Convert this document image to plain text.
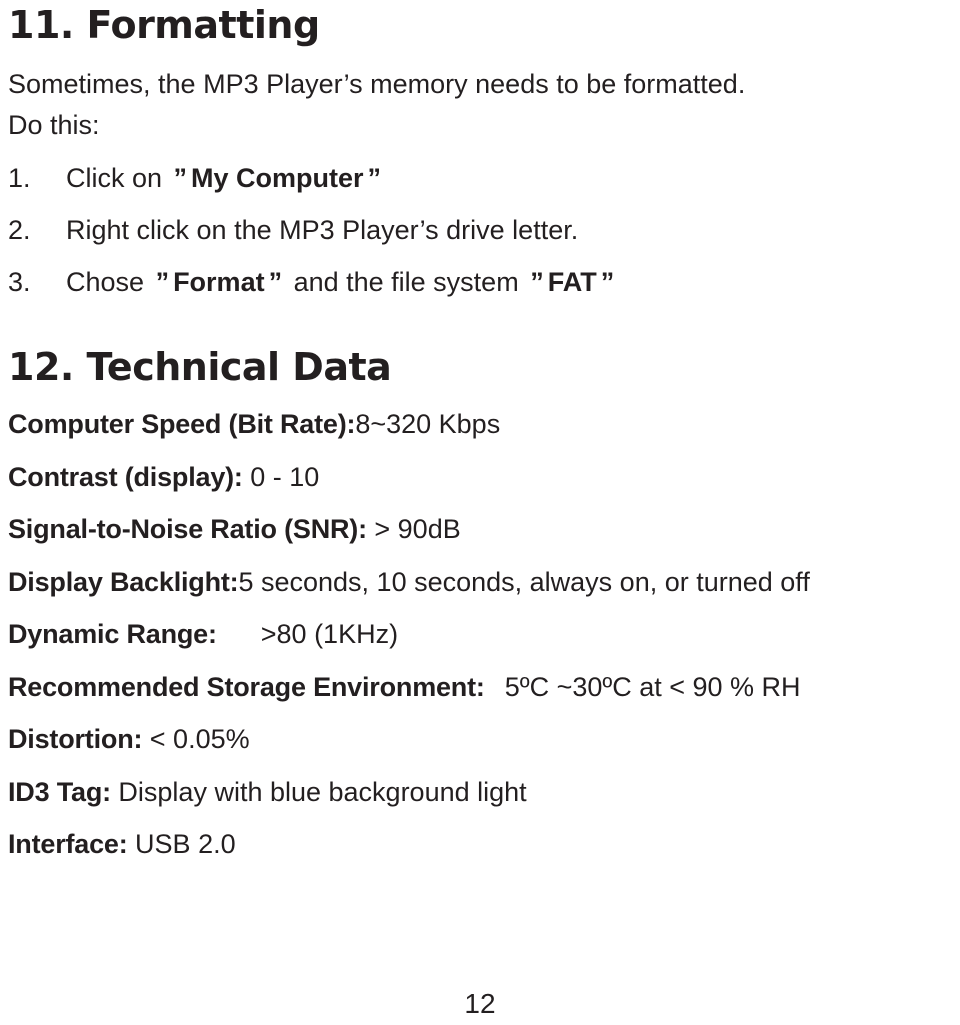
11. Formatting

Sometimes, the MP3 Player’s memory needs to be formatted.
Do this:

1. Click on ” My Computer ”
2. Right click on the MP3 Player’s drive letter.
3. Chose ” Format ” and the file system ” FAT ”
12. Technical Data
Computer Speed (Bit Rate):8~320 Kbps
Contrast (display): 0 - 10
Signal-to-Noise Ratio (SNR): > 90dB
Display Backlight:5 seconds, 10 seconds, always on, or turned off
Dynamic Range: >80 (1KHz)
Recommended Storage Environment: 5ºC ~30ºC at < 90 % RH
Distortion: < 0.05%
ID3 Tag: Display with blue background light
Interface: USB 2.0
12
